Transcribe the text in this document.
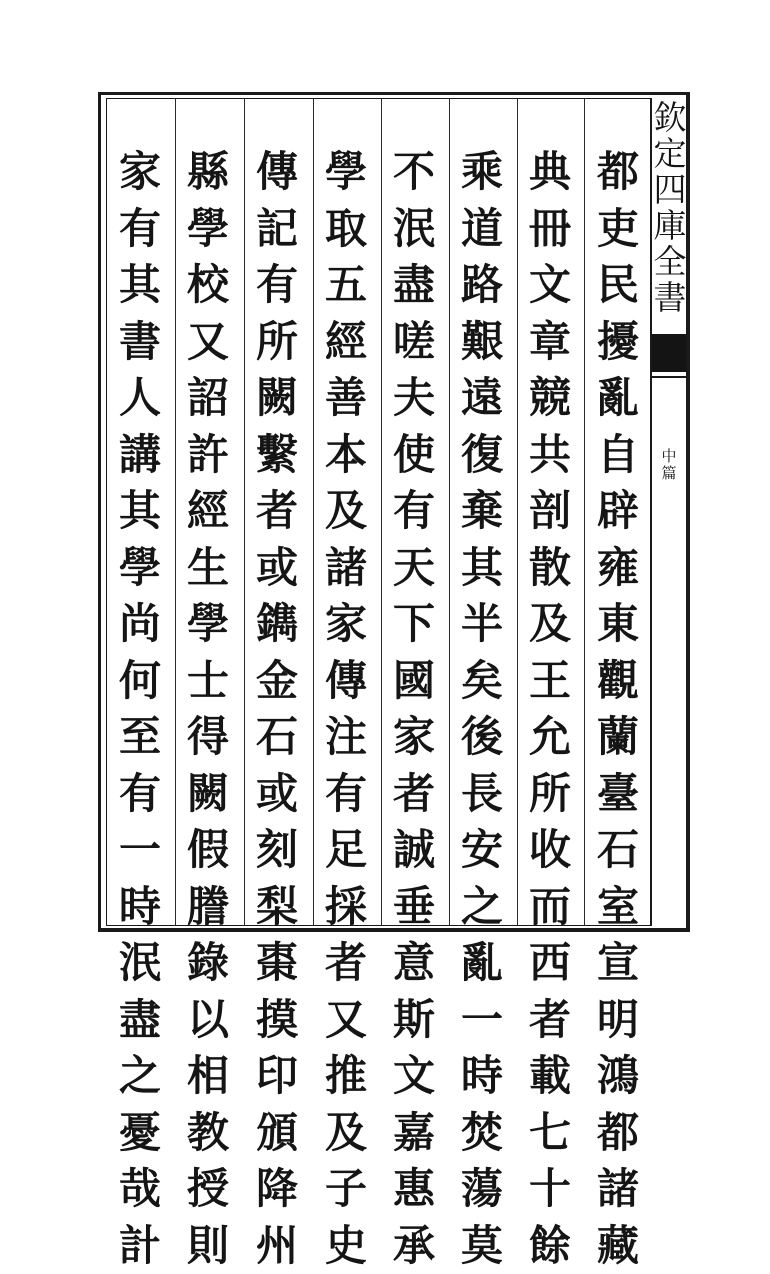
欽
定
四
庫
全
書
中
篇
都
吏
民
擾
亂
自
辟
雍
東
觀
蘭
臺
石
室
宣
明
鴻
都
諸
藏
典
冊
文
章
競
共
剖
散
及
王
允
所
收
而
西
者
載
七
十
餘
乘
道
路
艱
遠
復
棄
其
半
矣
後
長
安
之
亂
一
時
焚
蕩
莫
不
泯
盡
嗟
夫
使
有
天
下
國
家
者
誠
垂
意
斯
文
嘉
惠
承
學
取
五
經
善
本
及
諸
家
傳
注
有
足
採
者
又
推
及
子
史
傳
記
有
所
闕
繫
者
或
鐫
金
石
或
刻
梨
棗
摸
印
頒
降
州
縣
學
校
又
詔
許
經
生
學
士
得
闕
假
謄
錄
以
相
教
授
則
家
有
其
書
人
講
其
學
尚
何
至
有
一
時
泯
盡
之
憂
哉
計
